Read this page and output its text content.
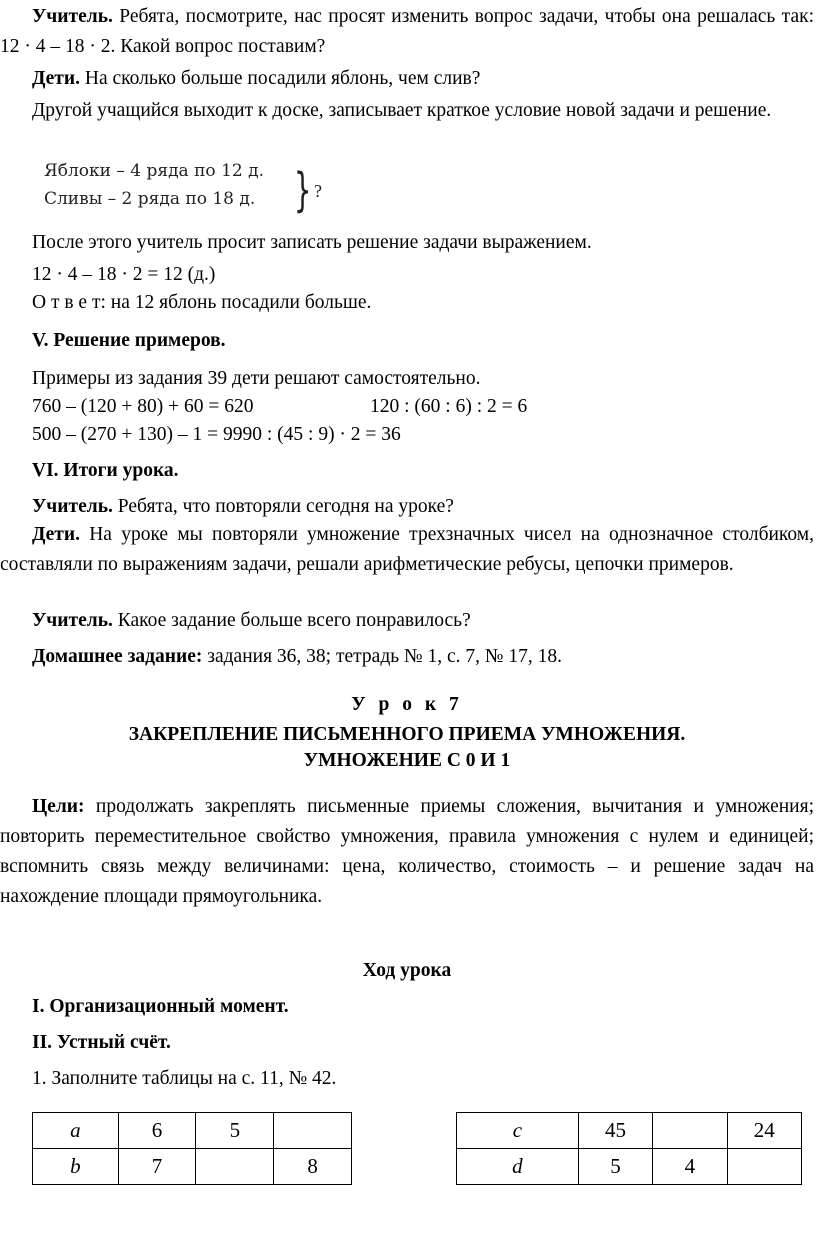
Учитель. Ребята, посмотрите, нас просят изменить вопрос задачи, чтобы она решалась так: 12 · 4 – 18 · 2. Какой вопрос поставим?

Дети. На сколько больше посадили яблонь, чем слив?

Другой учащийся выходит к доске, записывает краткое условие новой задачи и решение.

Яблоки – 4 ряда по 12 д.
Сливы – 2 ряда по 18 д. } ?

После этого учитель просит записать решение задачи выражением.

12 · 4 – 18 · 2 = 12 (д.)

О т в е т: на 12 яблонь посадили больше.

V. Решение примеров.

Примеры из задания 39 дети решают самостоятельно.

760 – (120 + 80) + 60 = 620	120 : (60 : 6) : 2 = 6
500 – (270 + 130) – 1 = 9990 : (45 : 9) · 2 = 36

VI. Итоги урока.

Учитель. Ребята, что повторяли сегодня на уроке?

Дети. На уроке мы повторяли умножение трехзначных чисел на однозначное столбиком, составляли по выражениям задачи, решали арифметические ребусы, цепочки примеров.

Учитель. Какое задание больше всего понравилось?

Домашнее задание: задания 36, 38; тетрадь № 1, с. 7, № 17, 18.

У р о к 7

ЗАКРЕПЛЕНИЕ ПИСЬМЕННОГО ПРИЕМА УМНОЖЕНИЯ.

УМНОЖЕНИЕ С 0 И 1

Цели: продолжать закреплять письменные приемы сложения, вычитания и умножения; повторить переместительное свойство умножения, правила умножения с нулем и единицей; вспомнить связь между величинами: цена, количество, стоимость – и решение задач на нахождение площади прямоугольника.

Ход урока

I. Организационный момент.

II. Устный счёт.

1. Заполните таблицы на с. 11, № 42.

a	6	5	
b	7		8
c	45		24
d	5	4	
